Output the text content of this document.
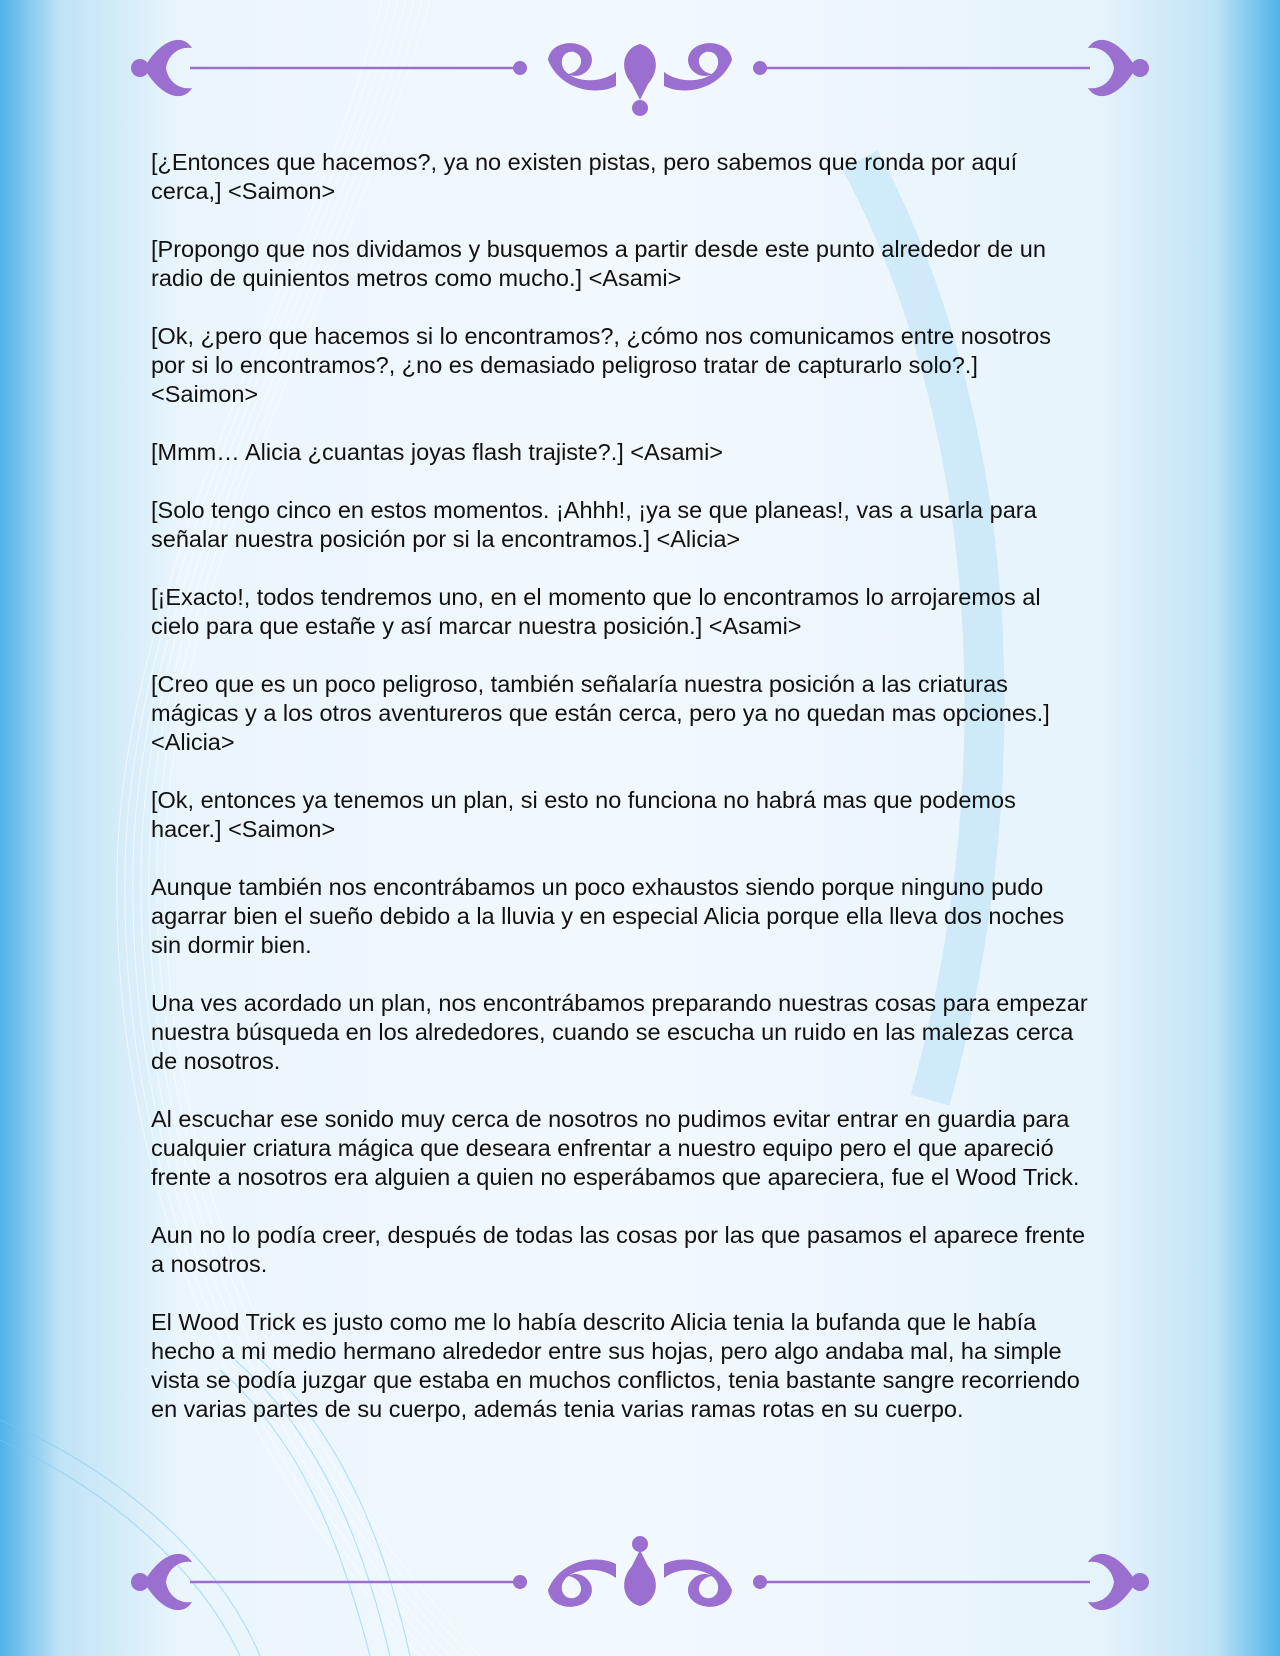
[¿Entonces que hacemos?, ya no existen pistas, pero sabemos que ronda por aquí cerca,] <Saimon>

[Propongo que nos dividamos y busquemos a partir desde este punto alrededor de un radio de quinientos metros como mucho.] <Asami>

[Ok, ¿pero que hacemos si lo encontramos?, ¿cómo nos comunicamos entre nosotros por si lo encontramos?, ¿no es demasiado peligroso tratar de capturarlo solo?.] <Saimon>

[Mmm… Alicia ¿cuantas joyas flash trajiste?.] <Asami>

[Solo tengo cinco en estos momentos. ¡Ahhh!, ¡ya se que planeas!, vas a usarla para señalar nuestra posición por si la encontramos.] <Alicia>

[¡Exacto!, todos tendremos uno, en el momento que lo encontramos lo arrojaremos al cielo para que estañe y así marcar nuestra posición.] <Asami>

[Creo que es un poco peligroso, también señalaría nuestra posición a las criaturas mágicas y a los otros aventureros que están cerca, pero ya no quedan mas opciones.] <Alicia>

[Ok, entonces ya tenemos un plan, si esto no funciona no habrá mas que podemos hacer.] <Saimon>

Aunque también nos encontrábamos un poco exhaustos siendo porque ninguno pudo agarrar bien el sueño debido a la lluvia y en especial Alicia porque ella lleva dos noches sin dormir bien.

Una ves acordado un plan, nos encontrábamos preparando nuestras cosas para empezar nuestra búsqueda en los alrededores, cuando se escucha un ruido en las malezas cerca de nosotros.

Al escuchar ese sonido muy cerca de nosotros no pudimos evitar entrar en guardia para cualquier criatura mágica que deseara enfrentar a nuestro equipo pero el que apareció frente a nosotros era alguien a quien no esperábamos que apareciera, fue el Wood Trick.

Aun no lo podía creer, después de todas las cosas por las que pasamos el aparece frente a nosotros.

El Wood Trick es justo como me lo había descrito Alicia tenia la bufanda que le había hecho a mi medio hermano alrededor entre sus hojas, pero algo andaba mal, ha simple vista se podía juzgar que estaba en muchos conflictos, tenia bastante sangre recorriendo en varias partes de su cuerpo, además tenia varias ramas rotas en su cuerpo.
